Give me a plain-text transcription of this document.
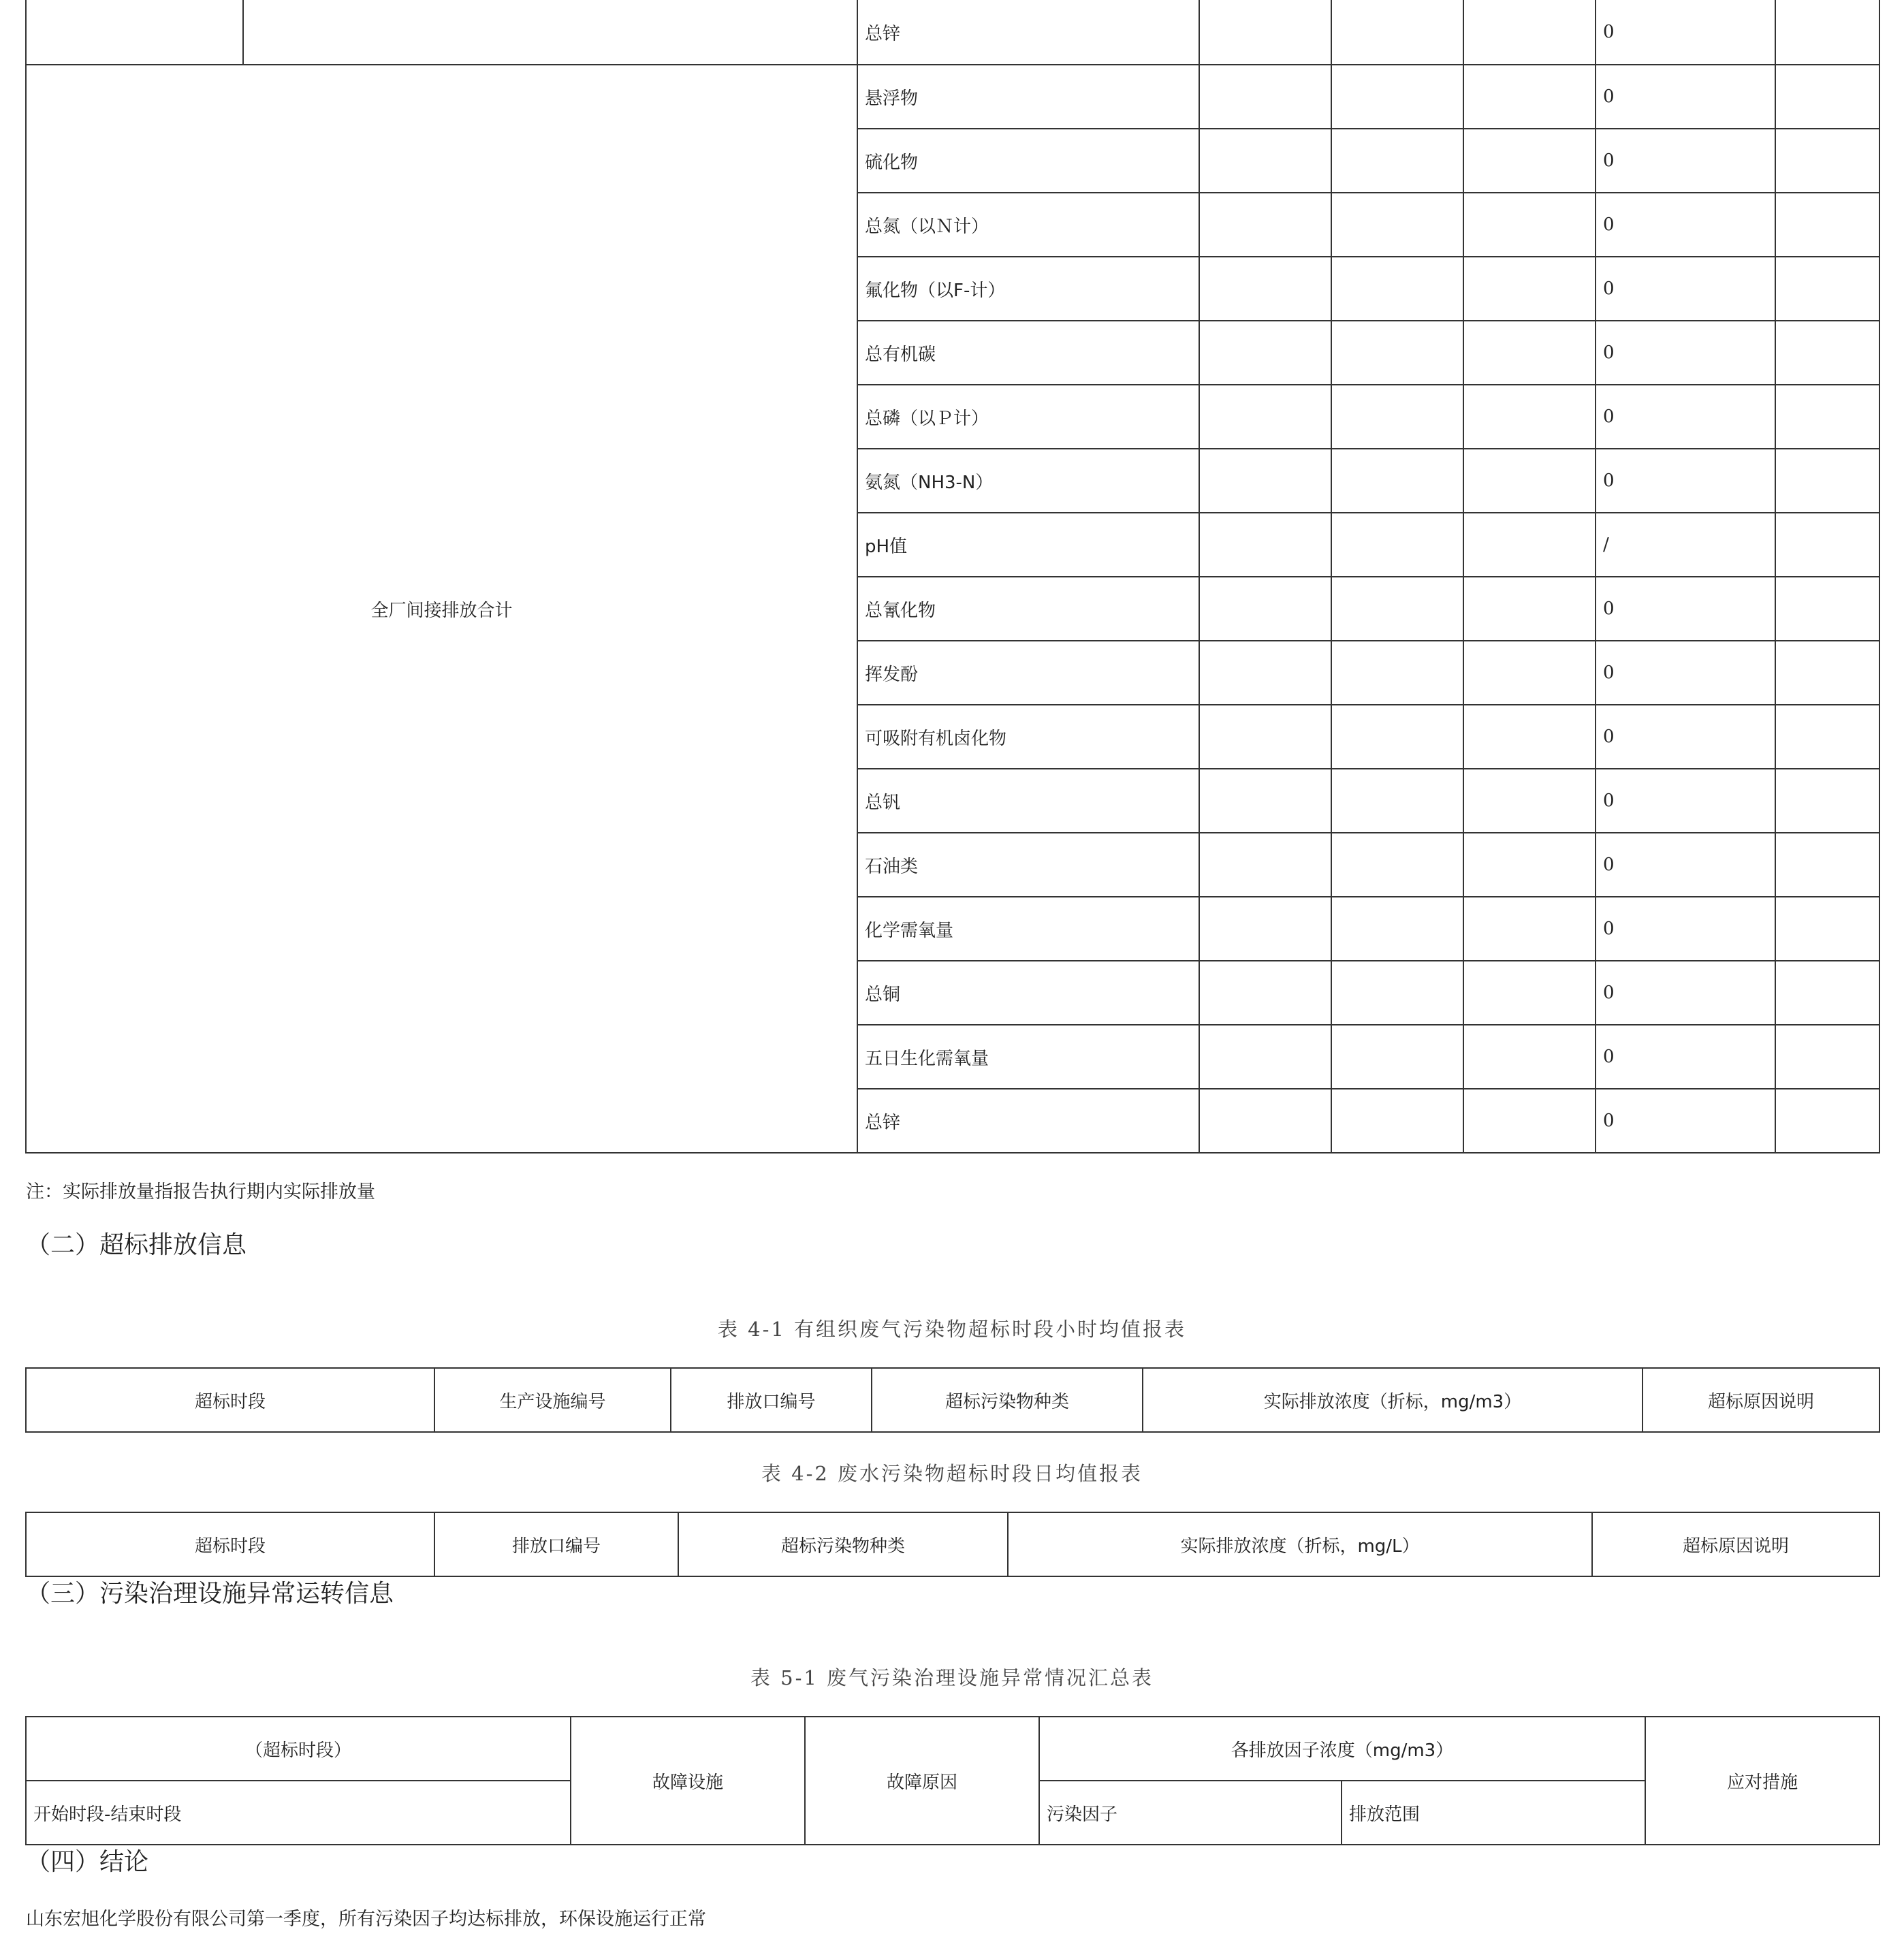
		总锌				0	
全厂间接排放合计		悬浮物				0	
		硫化物				0	
		总氮（以Ｎ计）				0	
		氟化物（以F-计）				0	
		总有机碳				0	
		总磷（以Ｐ计）				0	
		氨氮（NH3-N）				0	
		pH值				/	
		总氰化物				0	
		挥发酚				0	
		可吸附有机卤化物				0	
		总钒				0	
		石油类				0	
		化学需氧量				0	
		总铜				0	
		五日生化需氧量				0	
		总锌				0	
注：实际排放量指报告执行期内实际排放量
（二）超标排放信息
表 4-1 有组织废气污染物超标时段小时均值报表
超标时段	生产设施编号	排放口编号	超标污染物种类	实际排放浓度（折标，mg/m3）	超标原因说明
表 4-2 废水污染物超标时段日均值报表
超标时段	排放口编号	超标污染物种类	实际排放浓度（折标，mg/L）	超标原因说明
（三）污染治理设施异常运转信息
表 5-1 废气污染治理设施异常情况汇总表
（超标时段）	故障设施	故障原因	各排放因子浓度（mg/m3）		应对措施
开始时段-结束时段			污染因子	排放范围	
（四）结论
山东宏旭化学股份有限公司第一季度，所有污染因子均达标排放，环保设施运行正常
